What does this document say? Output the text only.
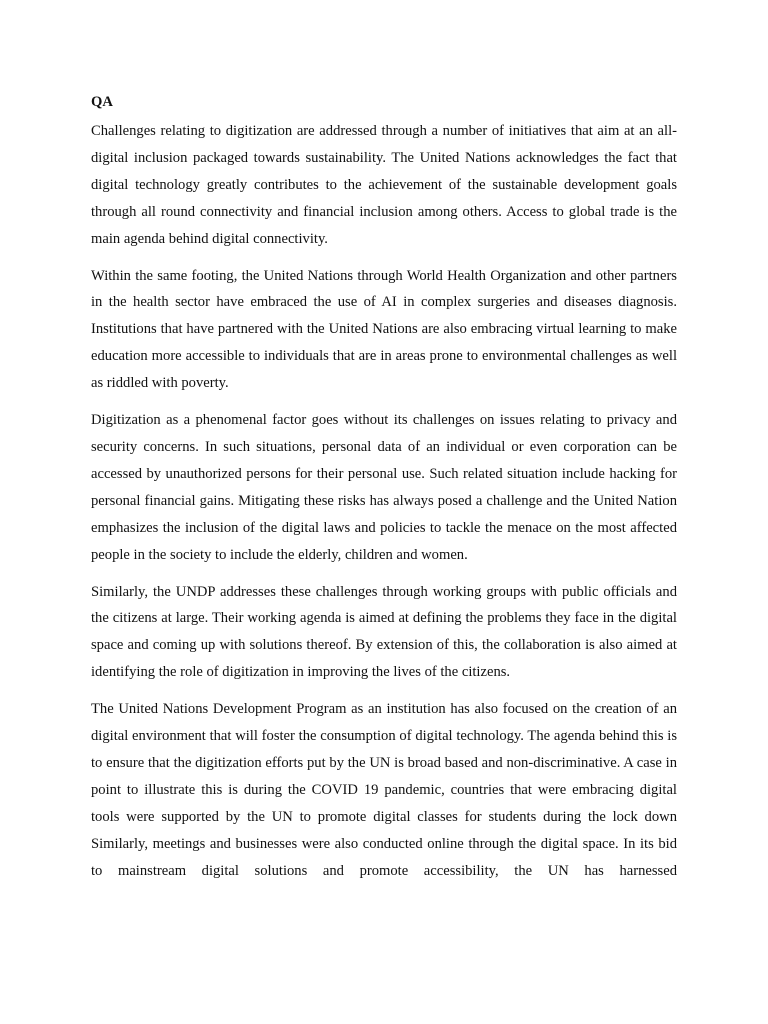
QA

Challenges relating to digitization are addressed through a number of initiatives that aim at an all-digital inclusion packaged towards sustainability. The United Nations acknowledges the fact that digital technology greatly contributes to the achievement of the sustainable development goals through all round connectivity and financial inclusion among others. Access to global trade is the main agenda behind digital connectivity.

Within the same footing, the United Nations through World Health Organization and other partners in the health sector have embraced the use of AI in complex surgeries and diseases diagnosis. Institutions that have partnered with the United Nations are also embracing virtual learning to make education more accessible to individuals that are in areas prone to environmental challenges as well as riddled with poverty.

Digitization as a phenomenal factor goes without its challenges on issues relating to privacy and security concerns. In such situations, personal data of an individual or even corporation can be accessed by unauthorized persons for their personal use. Such related situation include hacking for personal financial gains. Mitigating these risks has always posed a challenge and the United Nation emphasizes the inclusion of the digital laws and policies to tackle the menace on the most affected people in the society to include the elderly, children and women.

Similarly, the UNDP addresses these challenges through working groups with public officials and the citizens at large. Their working agenda is aimed at defining the problems they face in the digital space and coming up with solutions thereof. By extension of this, the collaboration is also aimed at identifying the role of digitization in improving the lives of the citizens.

The United Nations Development Program as an institution has also focused on the creation of an digital environment that will foster the consumption of digital technology. The agenda behind this is to ensure that the digitization efforts put by the UN is broad based and non-discriminative. A case in point to illustrate this is during the COVID 19 pandemic, countries that were embracing digital tools were supported by the UN to promote digital classes for students during the lock down Similarly, meetings and businesses were also conducted online through the digital space. In its bid to mainstream digital solutions and promote accessibility, the UN has harnessed
